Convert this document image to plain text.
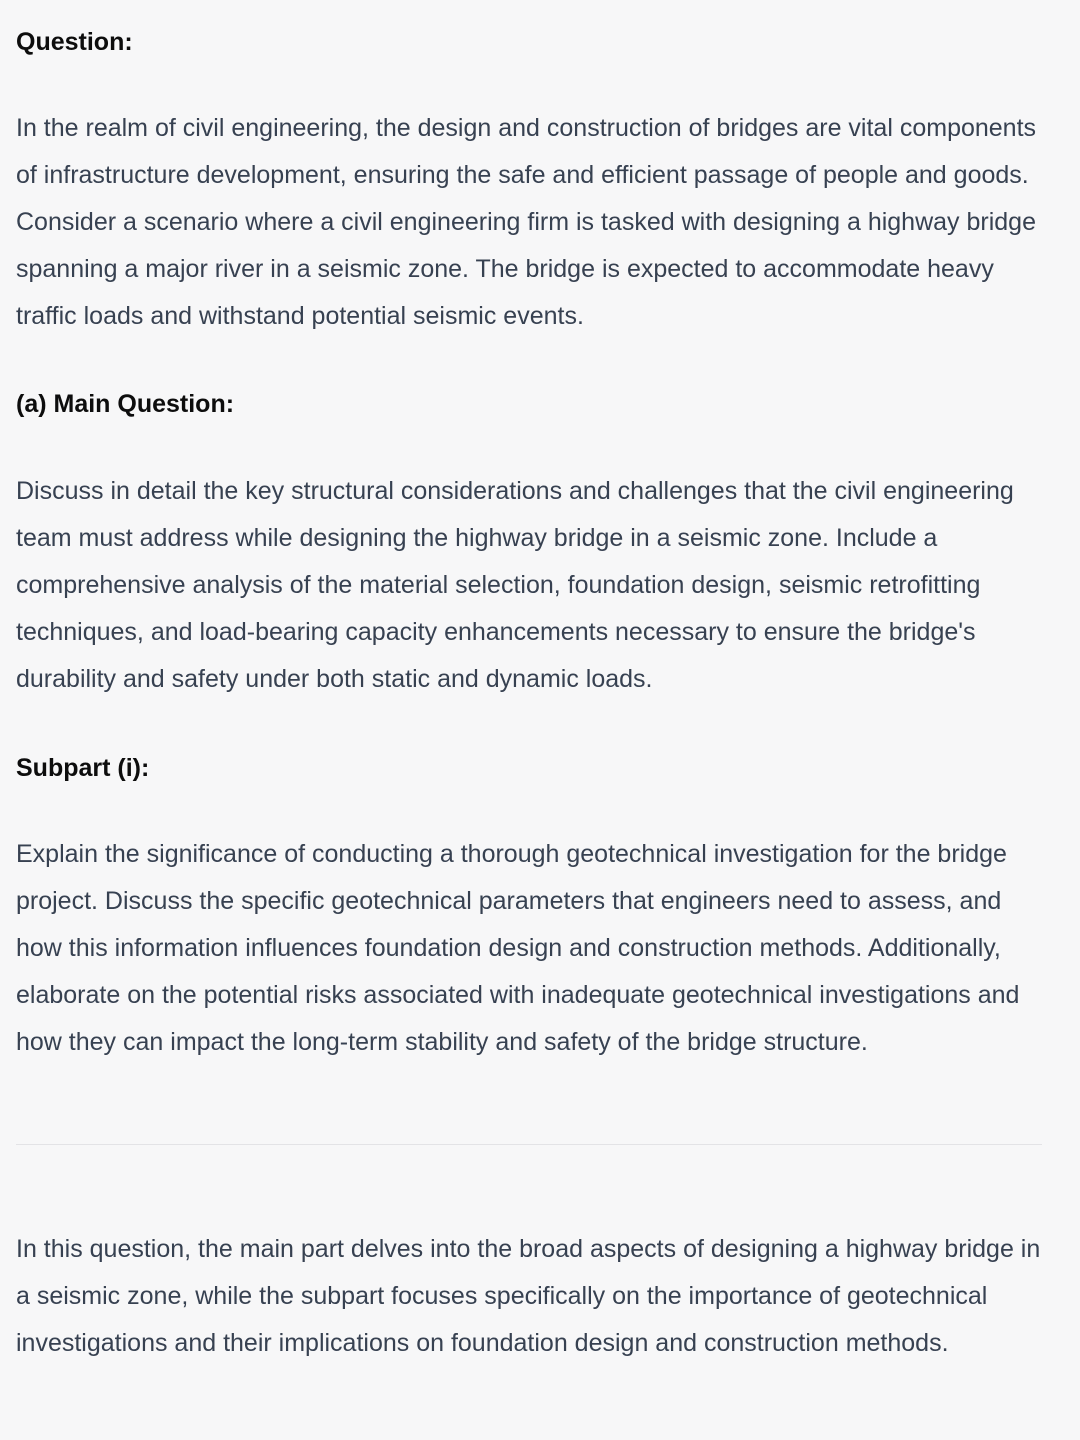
Question:

In the realm of civil engineering, the design and construction of bridges are vital components of infrastructure development, ensuring the safe and efficient passage of people and goods. Consider a scenario where a civil engineering firm is tasked with designing a highway bridge spanning a major river in a seismic zone. The bridge is expected to accommodate heavy traffic loads and withstand potential seismic events.

(a) Main Question:

Discuss in detail the key structural considerations and challenges that the civil engineering team must address while designing the highway bridge in a seismic zone. Include a comprehensive analysis of the material selection, foundation design, seismic retrofitting techniques, and load-bearing capacity enhancements necessary to ensure the bridge's durability and safety under both static and dynamic loads.

Subpart (i):

Explain the significance of conducting a thorough geotechnical investigation for the bridge project. Discuss the specific geotechnical parameters that engineers need to assess, and how this information influences foundation design and construction methods. Additionally, elaborate on the potential risks associated with inadequate geotechnical investigations and how they can impact the long-term stability and safety of the bridge structure.

In this question, the main part delves into the broad aspects of designing a highway bridge in a seismic zone, while the subpart focuses specifically on the importance of geotechnical investigations and their implications on foundation design and construction methods.
